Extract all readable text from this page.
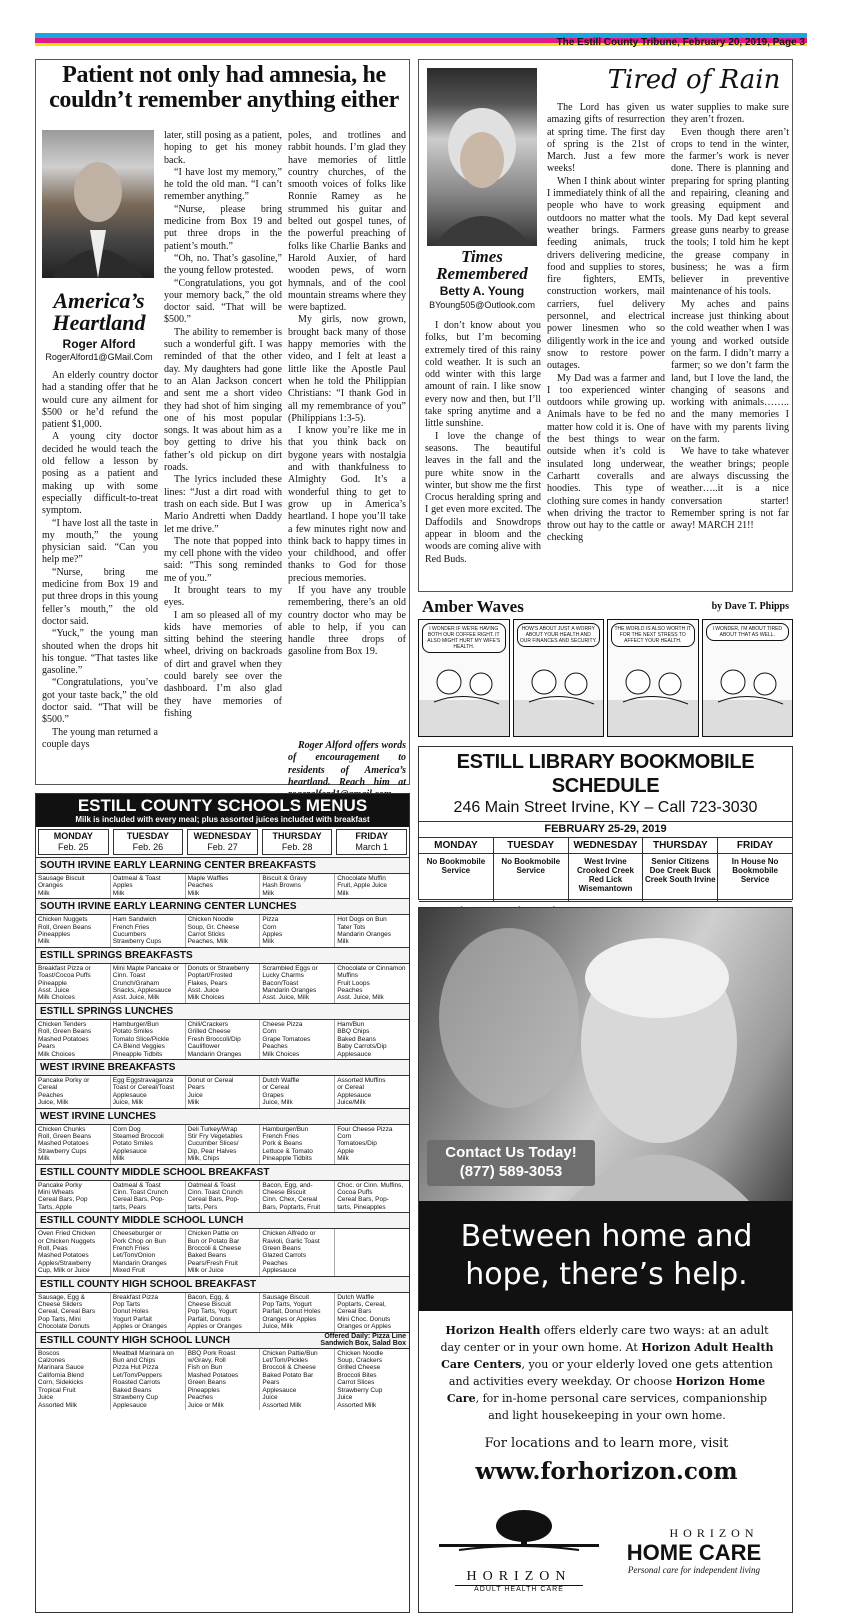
The Estill County Tribune, February 20, 2019, Page 3
Patient not only had amnesia, he couldn’t remember anything either
America’s Heartland
Roger Alford
RogerAlford1@GMail.Com

An elderly country doctor had a standing offer that he would cure any ailment for $500 or he’d refund the patient $1,000.

A young city doctor decided he would teach the old fellow a lesson by posing as a patient and making up with some especially difficult-to-treat symptom.

“I have lost all the taste in my mouth,” the young physician said. “Can you help me?”

“Nurse, bring me medicine from Box 19 and put three drops in this young feller’s mouth,” the old doctor said.

“Yuck,” the young man shouted when the drops hit his tongue. “That tastes like gasoline.”

“Congratulations, you’ve got your taste back,” the old doctor said. “That will be $500.”

The young man returned a couple days

later, still posing as a patient, hoping to get his money back.

“I have lost my memory,” he told the old man. “I can’t remember anything.”

“Nurse, please bring medicine from Box 19 and put three drops in the patient’s mouth.”

“Oh, no. That’s gasoline,” the young fellow protested.

“Congratulations, you got your memory back,” the old doctor said. “That will be $500.”

The ability to remember is such a wonderful gift. I was reminded of that the other day. My daughters had gone to an Alan Jackson concert and sent me a short video they had shot of him singing one of his most popular songs. It was about him as a boy getting to drive his father’s old pickup on dirt roads.

The lyrics included these lines: “Just a dirt road with trash on each side. But I was Mario Andretti when Daddy let me drive.”

The note that popped into my cell phone with the video said: “This song reminded me of you.”

It brought tears to my eyes.

I am so pleased all of my kids have memories of sitting behind the steering wheel, driving on backroads of dirt and gravel when they could barely see over the dashboard. I’m also glad they have memories of fishing

poles, and trotlines and rabbit hounds. I’m glad they have memories of little country churches, of the smooth voices of folks like Ronnie Ramey as he strummed his guitar and belted out gospel tunes, of the powerful preaching of folks like Charlie Banks and Harold Auxier, of hard wooden pews, of worn hymnals, and of the cool mountain streams where they were baptized.

My girls, now grown, brought back many of those happy memories with the video, and I felt at least a little like the Apostle Paul when he told the Philippian Christians: “I thank God in all my remembrance of you” (Philippians 1:3-5).

I know you’re like me in that you think back on bygone years with nostalgia and with thankfulness to Almighty God. It’s a wonderful thing to get to grow up in America’s heartland. I hope you’ll take a few minutes right now and think back to happy times in your childhood, and offer thanks to God for those precious memories.

If you have any trouble remembering, there’s an old country doctor who may be able to help, if you can handle three drops of gasoline from Box 19.

Roger Alford offers words of encouragement to residents of America’s heartland. Reach him at
Tired of Rain
Times Remembered
Betty A. Young
BYoung505@Outlook.com

I don’t know about you folks, but I’m becoming extremely tired of this rainy cold weather. It is such an odd winter with this large amount of rain. I like snow every now and then, but I’ll take spring anytime and a little sunshine.

I love the change of seasons. The beautiful leaves in the fall and the pure white snow in the winter, but show me the first Crocus heralding spring and I get even more excited. The Daffodils and Snowdrops appear in bloom and the woods are coming alive with Red Buds.

The Lord has given us amazing gifts of resurrection at spring time. The first day of spring is the 21st of March. Just a few more weeks!

When I think about winter I immediately think of all the people who have to work outdoors no matter what the weather brings. Farmers feeding animals, truck drivers delivering medicine, food and supplies to stores, fire fighters, EMTs, construction workers, mail carriers, fuel delivery personnel, and electrical power linesmen who so diligently work in the ice and snow to restore power outages.

My Dad was a farmer and I too experienced winter outdoors while growing up. Animals have to be fed no matter how cold it is. One of the best things to wear outside when it’s cold is insulated long underwear, Carhartt coveralls and hoodies. This type of clothing sure comes in handy when driving the tractor to throw out hay to the cattle or checking

water supplies to make sure they aren’t frozen.

Even though there aren’t crops to tend in the winter, the farmer’s work is never done. There is planning and preparing for spring planting and repairing, cleaning and greasing equipment and tools. My Dad kept several grease guns nearby to grease the tools; I told him he kept the grease company in business; he was a firm believer in preventive maintenance of his tools.

My aches and pains increase just thinking about the cold weather when I was young and worked outside on the farm. I didn’t marry a farmer; so we don’t farm the land, but I love the land, the changing of seasons and working with animals…….. and the many memories I have with my parents living on the farm.

We have to take whatever the weather brings; people are always discussing the weather…..it is a nice conversation starter! Remember spring is not far away! MARCH 21!!

Amber Waves	by Dave T. Phipps
I WONDER IF WE’RE HAVING BOTH OUR COFFEE RIGHT. IT ALSO MIGHT HURT MY WIFE’S HEALTH.
HOW’S ABOUT JUST A WORRY ABOUT YOUR HEALTH AND OUR FINANCES AND SECURITY.
THE WORLD IS ALSO WORTH IT FOR THE NEXT STRESS TO AFFECT YOUR HEALTH.
I WONDER, I’M ABOUT TIRED ABOUT THAT AS WELL.
ESTILL LIBRARY BOOKMOBILE SCHEDULE
246 Main Street Irvine, KY – Call 723-3030
FEBRUARY 25-29, 2019
MONDAY
No Bookmobile Service
TUESDAY
No Bookmobile Service
WEDNESDAY
West Irvine Crooked Creek Red Lick Wisemantown
THURSDAY
Senior Citizens Doe Creek Buck Creek South Irvine
FRIDAY
In House No Bookmobile Service
ESTILL COUNTY SCHOOLS MENUS
Milk is included with every meal; plus assorted juices included with breakfast
MONDAY
Feb. 25
TUESDAY
Feb. 26
WEDNESDAY
Feb. 27
THURSDAY
Feb. 28
FRIDAY
March 1
SOUTH IRVINE EARLY LEARNING CENTER BREAKFASTS
Sausage Biscuit
Oranges
Milk
Oatmeal & Toast
Apples
Milk
Maple Waffles
Peaches
Milk
Biscuit & Gravy
Hash Browns
Milk
Chocolate Muffin
Fruit, Apple Juice
Milk
SOUTH IRVINE EARLY LEARNING CENTER LUNCHES
Chicken Nuggets
Roll, Green Beans
Pineapples
Milk
Ham Sandwich
French Fries
Cucumbers
Strawberry Cups
Chicken Noodle
Soup, Gr. Cheese
Carrot Sticks
Peaches, Milk
Pizza
Corn
Apples
Milk
Hot Dogs on Bun
Tater Tots
Mandarin Oranges
Milk
ESTILL SPRINGS BREAKFASTS
Breakfast Pizza or
Toast/Cocoa Puffs
Pineapple
Asst. Juice
Milk Choices
Mini Maple Pancake or Cinn. Toast
Crunch/Graham
Snacks, Applesauce
Asst. Juice, Milk
Donuts or Strawberry Poptart/Frosted
Flakes, Pears
Asst. Juice
Milk Choices
Scrambled Eggs or
Lucky Charms
Bacon/Toast
Mandarin Oranges
Asst. Juice, Milk
Chocolate or Cinnamon Muffins
Fruit Loops
Peaches
Asst. Juice, Milk
ESTILL SPRINGS LUNCHES
Chicken Tenders
Roll, Green Beans
Mashed Potatoes
Pears
Milk Choices
Hamburger/Bun
Potato Smiles
Tomato Slice/Pickle
CA Blend Veggies
Pineapple Tidbits
Chili/Crackers
Grilled Cheese
Fresh Broccoli/Dip
Cauliflower
Mandarin Oranges
Cheese Pizza
Corn
Grape Tomatoes
Peaches
Milk Choices
Ham/Bun
BBQ Chips
Baked Beans
Baby Carrots/Dip
Applesauce
WEST IRVINE BREAKFASTS
Pancake Porky or
Cereal
Peaches
Juice, Milk
Egg Eggstravaganza
Toast or Cereal/Toast
Applesauce
Juice, Milk
Donut or Cereal
Pears
Juice
Milk
Dutch Waffle
or Cereal
Grapes
Juice, Milk
Assorted Muffins
or Cereal
Applesauce
Juice/Milk
WEST IRVINE LUNCHES
Chicken Chunks
Roll, Green Beans
Mashed Potatoes
Strawberry Cups
Milk
Corn Dog
Steamed Broccoli
Potato Smiles
Applesauce
Milk
Deli Turkey/Wrap
Stir Fry Vegetables
Cucumber Slices/
Dip, Pear Halves
Milk, Chips
Hamburger/Bun
French Fries
Pork & Beans
Lettuce & Tomato
Pineapple Tidbits
Four Cheese Pizza
Corn
Tomatoes/Dip
Apple
Milk
ESTILL COUNTY MIDDLE SCHOOL BREAKFAST
Pancake Porky
Mini Wheats
Cereal Bars, Pop
Tarts, Apple
Oatmeal & Toast
Cinn. Toast Crunch
Cereal Bars, Pop-
tarts, Pears
Oatmeal & Toast
Cinn. Toast Crunch
Cereal Bars, Pop-
tarts, Pers
Bacon, Egg, and-
Cheese Biscuit
Cinn. Chex, Cereal
Bars, Poptarts, Fruit
Choc. or Cinn. Muffins, Cocoa Puffs
Cereal Bars, Pop-
tarts, Pineapples
ESTILL COUNTY MIDDLE SCHOOL LUNCH
Oven Fried Chicken
or Chicken Nuggets
Roll, Peas
Mashed Potatoes
Apples/Strawberry
Cup, Milk or Juice
Cheeseburger or
Pork Chop on Bun
French Fries
Let/Tom/Onion
Mandarin Oranges
Mixed Fruit
Chicken Pattie on
Bun or Potato Bar
Broccoli & Cheese
Baked Beans
Pears/Fresh Fruit
Milk or Juice
Chicken Alfredo or
Ravioli, Garlic Toast
Green Beans
Glazed Carrots
Peaches
Applesauce
ESTILL COUNTY HIGH SCHOOL BREAKFAST
Sausage, Egg &
Cheese Sliders
Cereal, Cereal Bars
Pop Tarts, Mini
Chocolate Donuts
Breakfast Pizza
Pop Tarts
Donut Holes
Yogurt Parfait
Apples or Oranges
Bacon, Egg, &
Cheese Biscuit
Pop Tarts, Yogurt
Parfait, Donuts
Apples or Oranges
Sausage Biscuit
Pop Tarts, Yogurt
Parfait, Donut Holes
Oranges or Apples
Juice, Milk
Dutch Waffle
Poptarts, Cereal,
Cereal Bars
Mini Choc. Donuts
Oranges or Apples
ESTILL COUNTY HIGH SCHOOL LUNCH	Offered Daily: Pizza Line
Sandwich Box, Salad Box
Boscos
Calzones
Marinara Sauce
California Blend
Corn, Sidekicks
Tropical Fruit
Juice
Assorted Milk
Meatball Marinara on
Bun and Chips
Pizza Hut Pizza
Let/Tom/Peppers
Roasted Carrots
Baked Beans
Strawberry Cup
Applesauce
BBQ Pork Roast
w/Gravy, Roll
Fish on Bun
Mashed Potatoes
Green Beans
Pineapples
Peaches
Juice or Milk
Chicken Pattie/Bun
Let/Tom/Pickles
Broccoli & Cheese
Baked Potato Bar
Pears
Applesauce
Juice
Assorted Milk
Chicken Noodle
Soup, Crackers
Grilled Cheese
Broccoli Bites
Carrot Slices
Strawberry Cup
Juice
Assorted Milk
Contact Us Today!
(877) 589-3053
Between home and hope, there’s help.
Horizon Health offers elderly care two ways: at an adult day center or in your own home. At Horizon Adult Health Care Centers, you or your elderly loved one gets attention and activities every weekday. Or choose Horizon Home Care, for in-home personal care services, companionship and light housekeeping in your own home.
For locations and to learn more, visit
www.forhorizon.com
HORIZON
ADULT HEALTH CARE
HORIZON
HOME CARE
Personal care for independent living
